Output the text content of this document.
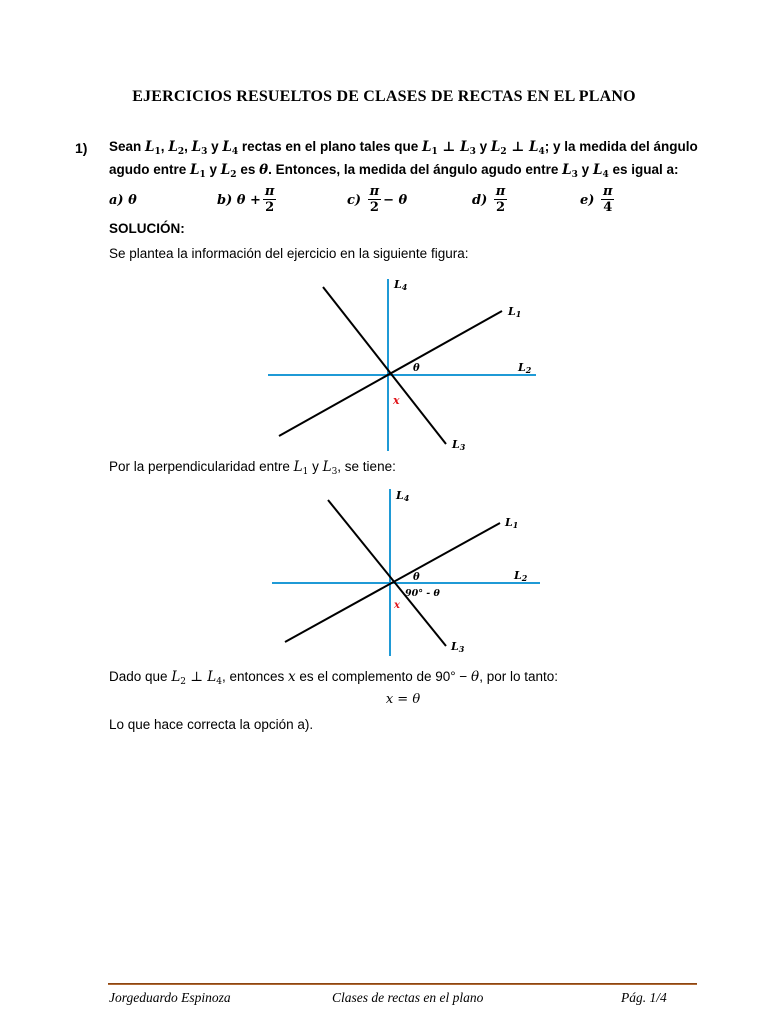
EJERCICIOS RESUELTOS DE CLASES DE RECTAS EN EL PLANO
1) Sean $L_1$, $L_2$, $L_3$ y $L_4$ rectas en el plano tales que $L_1$ ⊥ $L_3$ y $L_2$ ⊥ $L_4$; y la medida del ángulo
agudo entre $L_1$ y $L_2$ es θ. Entonces, la medida del ángulo agudo entre $L_3$ y $L_4$ es igual a:
a)
θ	b)
$\theta + \frac{\pi}{2}$	c)
$\frac{\pi}{2} - \theta$	d)
$\frac{\pi}{2}$	e)
$\frac{\pi}{4}$
SOLUCIÓN:
Se plantea la información del ejercicio en la siguiente figura:
L4
L1
L2
L3
θ
x
Por la perpendicularidad entre $L_1$ y $L_3$, se tiene:
L4
L1
L2
L3
θ
90° - θ
x
Dado que $L_2$ ⊥ $L_4$, entonces x es el complemento de 90° − θ, por lo tanto:
x = θ
Lo que hace correcta la opción a).
Jorgeduardo Espinoza	Clases de rectas en el plano	Pág. 1/4
